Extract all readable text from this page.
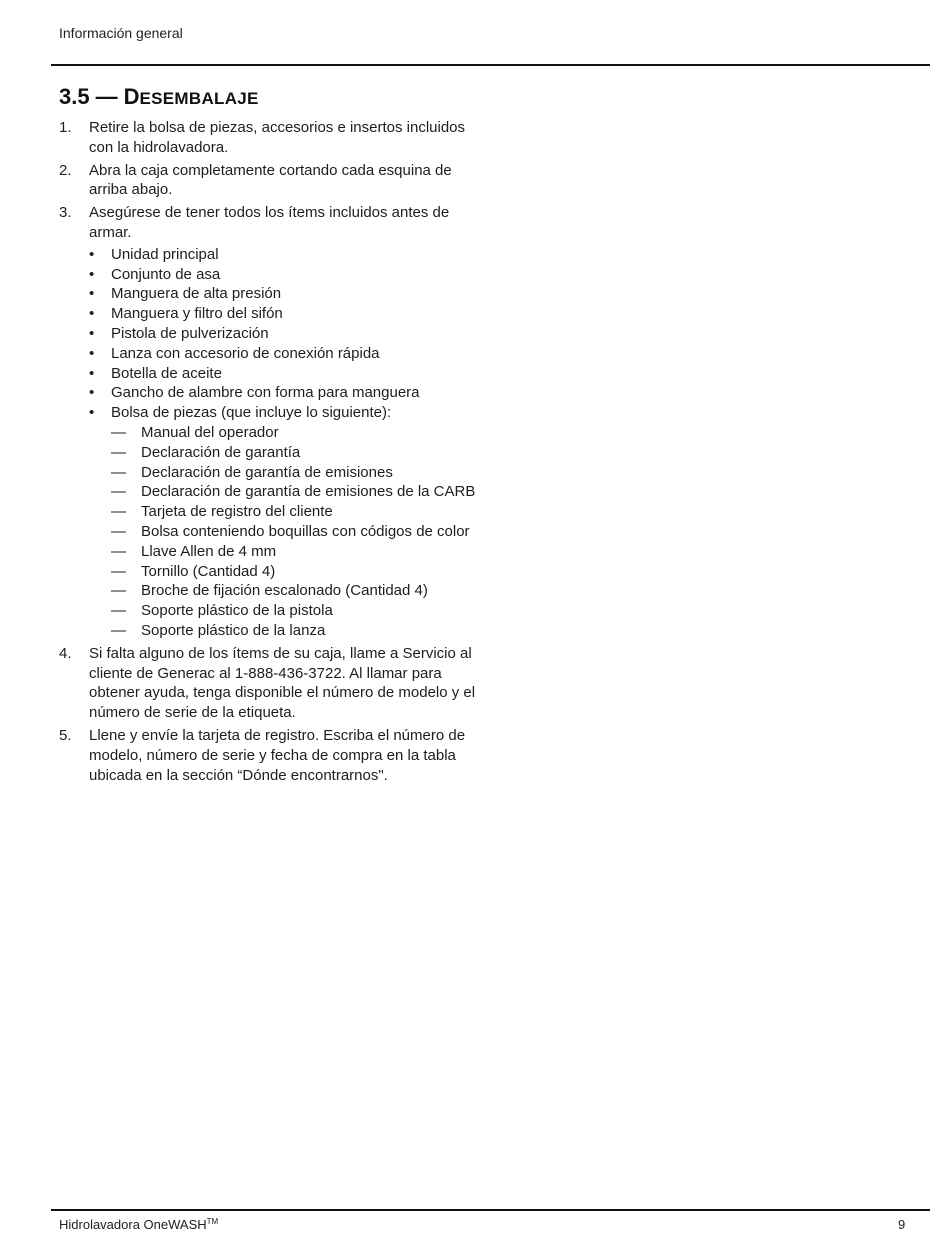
Información general
3.5 — DESEMBALAJE
1. Retire la bolsa de piezas, accesorios e insertos incluidos con la hidrolavadora.
2. Abra la caja completamente cortando cada esquina de arriba abajo.
3. Asegúrese de tener todos los ítems incluidos antes de armar.
• Unidad principal
• Conjunto de asa
• Manguera de alta presión
• Manguera y filtro del sifón
• Pistola de pulverización
• Lanza con accesorio de conexión rápida
• Botella de aceite
• Gancho de alambre con forma para manguera
• Bolsa de piezas (que incluye lo siguiente):
— Manual del operador
— Declaración de garantía
— Declaración de garantía de emisiones
— Declaración de garantía de emisiones de la CARB
— Tarjeta de registro del cliente
— Bolsa conteniendo boquillas con códigos de color
— Llave Allen de 4 mm
— Tornillo (Cantidad 4)
— Broche de fijación escalonado (Cantidad 4)
— Soporte plástico de la pistola
— Soporte plástico de la lanza
4. Si falta alguno de los ítems de su caja, llame a Servicio al cliente de Generac al 1-888-436-3722. Al llamar para obtener ayuda, tenga disponible el número de modelo y el número de serie de la etiqueta.
5. Llene y envíe la tarjeta de registro. Escriba el número de modelo, número de serie y fecha de compra en la tabla ubicada en la sección “Dónde encontrarnos".
Hidrolavadora OneWASH™	9
